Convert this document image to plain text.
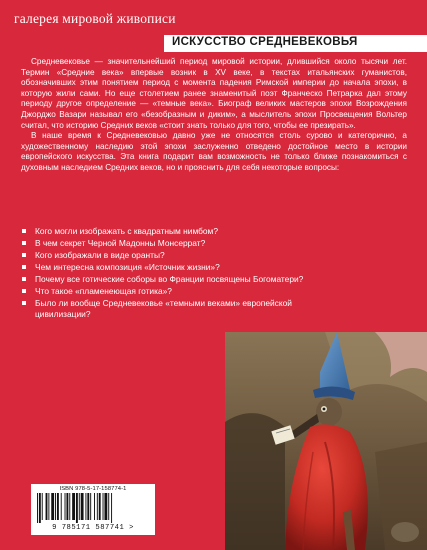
галерея мировой живописи
ИСКУССТВО СРЕДНЕВЕКОВЬЯ

Средневековье — значительнейший период мировой истории, длившийся около тысячи лет. Термин «Средние века» впервые возник в XV веке, в текстах итальянских гуманистов, обозначивших этим понятием период с момента падения Римской империи до начала эпохи, в которую жили сами. Но еще столетием ранее знаменитый поэт Франческо Петрарка дал этому периоду другое определение — «темные века». Биограф великих мастеров эпохи Возрождения Джорджо Вазари называл его «безобразным и диким», а мыслитель эпохи Просвещения Вольтер считал, что историю Средних веков «стоит знать только для того, чтобы ее презирать».

В наше время к Средневековью давно уже не относятся столь сурово и категорично, а художественному наследию этой эпохи заслуженно отведено достойное место в истории европейского искусства. Эта книга подарит вам возможность не только ближе познакомиться с духовным наследием Средних веков, но и прояснить для себя некоторые вопросы:

Кого могли изображать с квадратным нимбом?
В чем секрет Черной Мадонны Монсеррат?
Кого изображали в виде оранты?
Чем интересна композиция «Источник жизни»?
Почему все готические соборы во Франции посвящены Богоматери?
Что такое «пламенеющая готика»?
Было ли вообще Средневековье «темными веками» европейской цивилизации?
ISBN 978-5-17-158774-1
9 785171 587741 >
